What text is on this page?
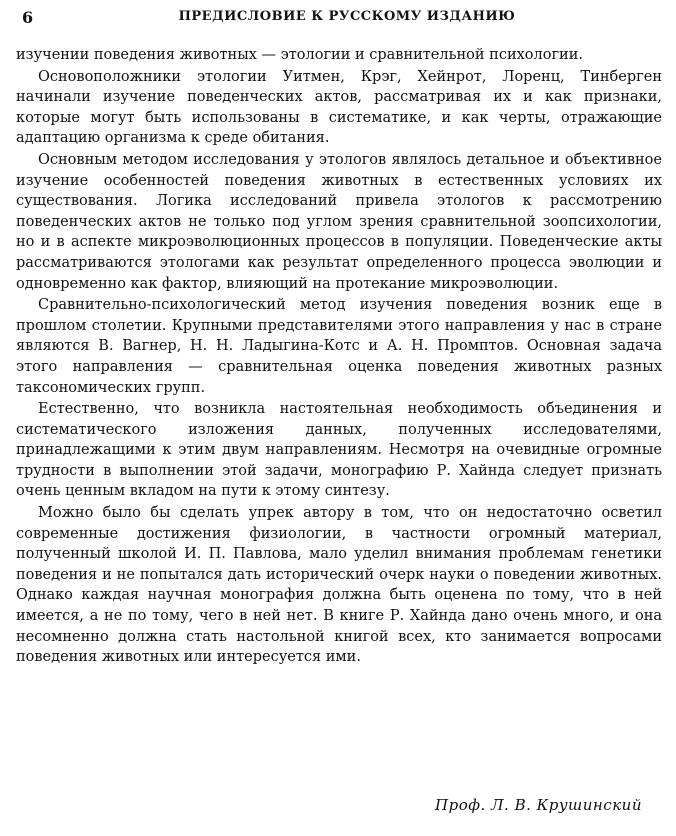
6	ПРЕДИСЛОВИЕ К РУССКОМУ ИЗДАНИЮ

изучении поведения животных — этологии и сравнительной психологии.

Основоположники этологии Уитмен, Крэг, Хейнрот, Лоренц, Тинберген начинали изучение поведенческих актов, рассматривая их и как признаки, которые могут быть использованы в систематике, и как черты, отражающие адаптацию организма к среде обитания.

Основным методом исследования у этологов являлось детальное и объективное изучение особенностей поведения животных в естественных условиях их существования. Логика исследований привела этологов к рассмотрению поведенческих актов не только под углом зрения сравнительной зоопсихологии, но и в аспекте микроэволюционных процессов в популяции. Поведенческие акты рассматриваются этологами как результат определенного процесса эволюции и одновременно как фактор, влияющий на протекание микроэволюции.

Сравнительно-психологический метод изучения поведения возник еще в прошлом столетии. Крупными представителями этого направления у нас в стране являются В. Вагнер, Н. Н. Ладыгина-Котс и А. Н. Промптов. Основная задача этого направления — сравнительная оценка поведения животных разных таксономических групп.

Естественно, что возникла настоятельная необходимость объединения и систематического изложения данных, полученных исследователями, принадлежащими к этим двум направлениям. Несмотря на очевидные огромные трудности в выполнении этой задачи, монографию Р. Хайнда следует признать очень ценным вкладом на пути к этому синтезу.

Можно было бы сделать упрек автору в том, что он недостаточно осветил современные достижения физиологии, в частности огромный материал, полученный школой И. П. Павлова, мало уделил внимания проблемам генетики поведения и не попытался дать исторический очерк науки о поведении животных. Однако каждая научная монография должна быть оценена по тому, что в ней имеется, а не по тому, чего в ней нет. В книге Р. Хайнда дано очень много, и она несомненно должна стать настольной книгой всех, кто занимается вопросами поведения животных или интересуется ими.

Проф. Л. В. Крушинский
